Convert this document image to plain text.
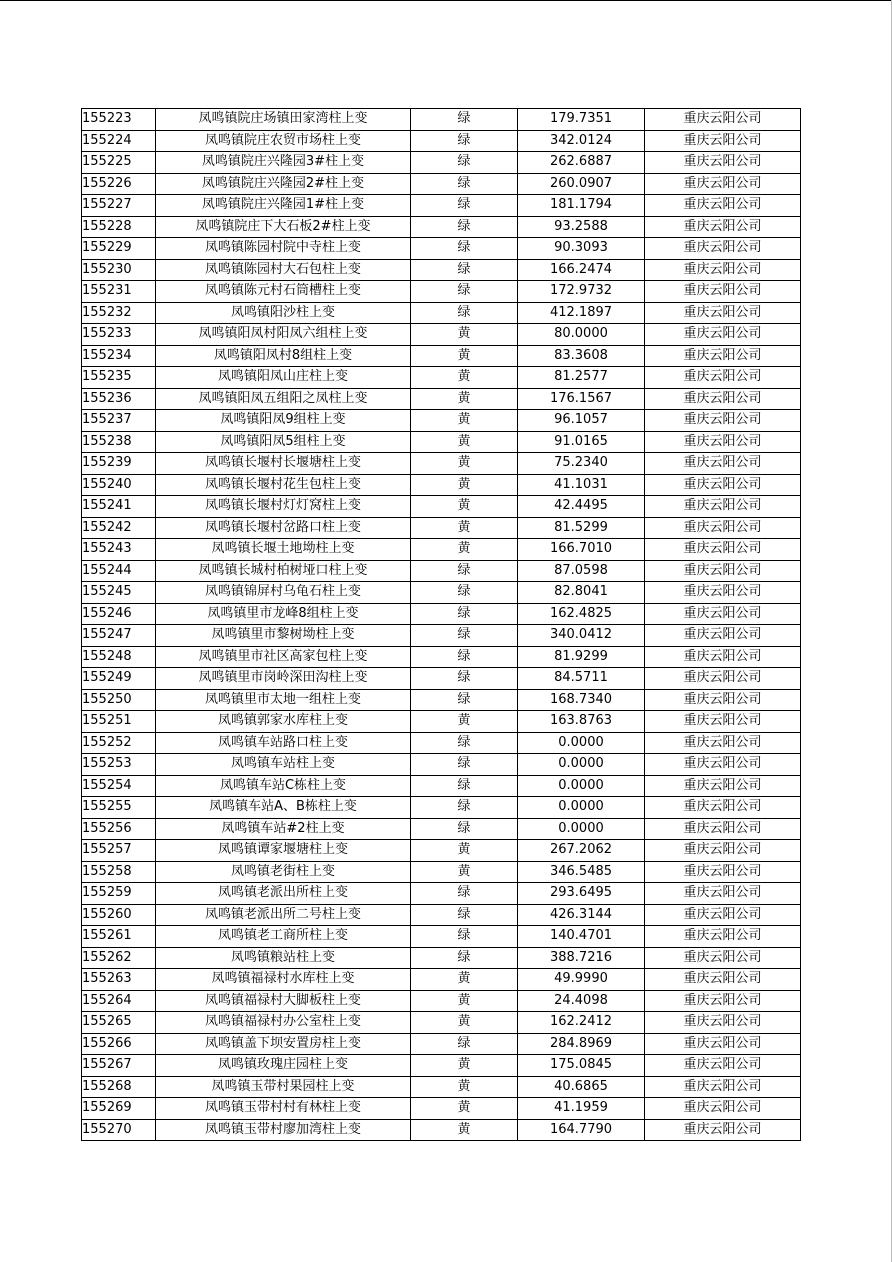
155223	凤鸣镇院庄场镇田家湾柱上变	绿	179.7351	重庆云阳公司
155224	凤鸣镇院庄农贸市场柱上变	绿	342.0124	重庆云阳公司
155225	凤鸣镇院庄兴隆园3#柱上变	绿	262.6887	重庆云阳公司
155226	凤鸣镇院庄兴隆园2#柱上变	绿	260.0907	重庆云阳公司
155227	凤鸣镇院庄兴隆园1#柱上变	绿	181.1794	重庆云阳公司
155228	凤鸣镇院庄下大石板2#柱上变	绿	93.2588	重庆云阳公司
155229	凤鸣镇陈园村院中寺柱上变	绿	90.3093	重庆云阳公司
155230	凤鸣镇陈园村大石包柱上变	绿	166.2474	重庆云阳公司
155231	凤鸣镇陈元村石筒槽柱上变	绿	172.9732	重庆云阳公司
155232	凤鸣镇阳沙柱上变	绿	412.1897	重庆云阳公司
155233	凤鸣镇阳凤村阳凤六组柱上变	黄	80.0000	重庆云阳公司
155234	凤鸣镇阳凤村8组柱上变	黄	83.3608	重庆云阳公司
155235	凤鸣镇阳凤山庄柱上变	黄	81.2577	重庆云阳公司
155236	凤鸣镇阳凤五组阳之凤柱上变	黄	176.1567	重庆云阳公司
155237	凤鸣镇阳凤9组柱上变	黄	96.1057	重庆云阳公司
155238	凤鸣镇阳凤5组柱上变	黄	91.0165	重庆云阳公司
155239	凤鸣镇长堰村长堰塘柱上变	黄	75.2340	重庆云阳公司
155240	凤鸣镇长堰村花生包柱上变	黄	41.1031	重庆云阳公司
155241	凤鸣镇长堰村灯灯窝柱上变	黄	42.4495	重庆云阳公司
155242	凤鸣镇长堰村岔路口柱上变	黄	81.5299	重庆云阳公司
155243	凤鸣镇长堰土地坳柱上变	黄	166.7010	重庆云阳公司
155244	凤鸣镇长城村柏树垭口柱上变	绿	87.0598	重庆云阳公司
155245	凤鸣镇锦屏村乌龟石柱上变	绿	82.8041	重庆云阳公司
155246	凤鸣镇里市龙峰8组柱上变	绿	162.4825	重庆云阳公司
155247	凤鸣镇里市黎树坳柱上变	绿	340.0412	重庆云阳公司
155248	凤鸣镇里市社区高家包柱上变	绿	81.9299	重庆云阳公司
155249	凤鸣镇里市岗岭深田沟柱上变	绿	84.5711	重庆云阳公司
155250	凤鸣镇里市太地一组柱上变	绿	168.7340	重庆云阳公司
155251	凤鸣镇郭家水库柱上变	黄	163.8763	重庆云阳公司
155252	凤鸣镇车站路口柱上变	绿	0.0000	重庆云阳公司
155253	凤鸣镇车站柱上变	绿	0.0000	重庆云阳公司
155254	凤鸣镇车站C栋柱上变	绿	0.0000	重庆云阳公司
155255	凤鸣镇车站A、B栋柱上变	绿	0.0000	重庆云阳公司
155256	凤鸣镇车站#2柱上变	绿	0.0000	重庆云阳公司
155257	凤鸣镇谭家堰塘柱上变	黄	267.2062	重庆云阳公司
155258	凤鸣镇老街柱上变	黄	346.5485	重庆云阳公司
155259	凤鸣镇老派出所柱上变	绿	293.6495	重庆云阳公司
155260	凤鸣镇老派出所二号柱上变	绿	426.3144	重庆云阳公司
155261	凤鸣镇老工商所柱上变	绿	140.4701	重庆云阳公司
155262	凤鸣镇粮站柱上变	绿	388.7216	重庆云阳公司
155263	凤鸣镇福禄村水库柱上变	黄	49.9990	重庆云阳公司
155264	凤鸣镇福禄村大脚板柱上变	黄	24.4098	重庆云阳公司
155265	凤鸣镇福禄村办公室柱上变	黄	162.2412	重庆云阳公司
155266	凤鸣镇盖下坝安置房柱上变	绿	284.8969	重庆云阳公司
155267	凤鸣镇玫瑰庄园柱上变	黄	175.0845	重庆云阳公司
155268	凤鸣镇玉带村果园柱上变	黄	40.6865	重庆云阳公司
155269	凤鸣镇玉带村村有林柱上变	黄	41.1959	重庆云阳公司
155270	凤鸣镇玉带村廖加湾柱上变	黄	164.7790	重庆云阳公司
